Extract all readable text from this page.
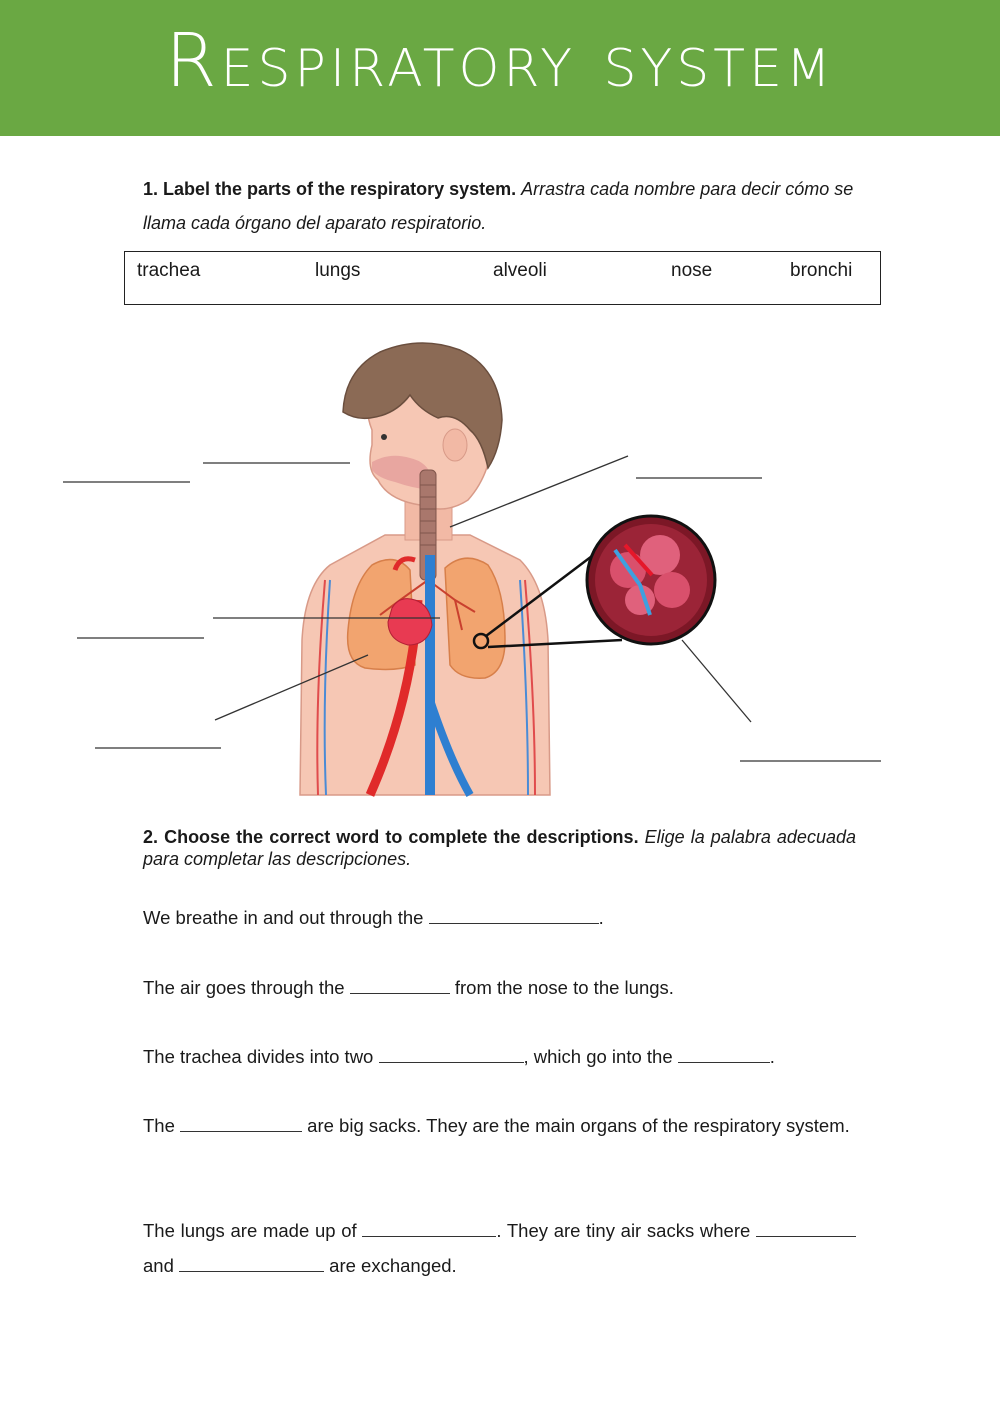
Respiratory system
1. Label the parts of the respiratory system. Arrastra cada nombre para decir cómo se llama cada órgano del aparato respiratorio.
trachea	lungs	alveoli	nose	bronchi
2. Choose the correct word to complete the descriptions. Elige la palabra adecuada para completar las descripciones.
We breathe in and out through the	.
The air goes through the	from the nose to the lungs.
The trachea divides into two	, which go into the	.
The	are big sacks. They are the main organs of the respiratory system.
The lungs are made up of	. They are tiny air sacks where  and	are exchanged.
